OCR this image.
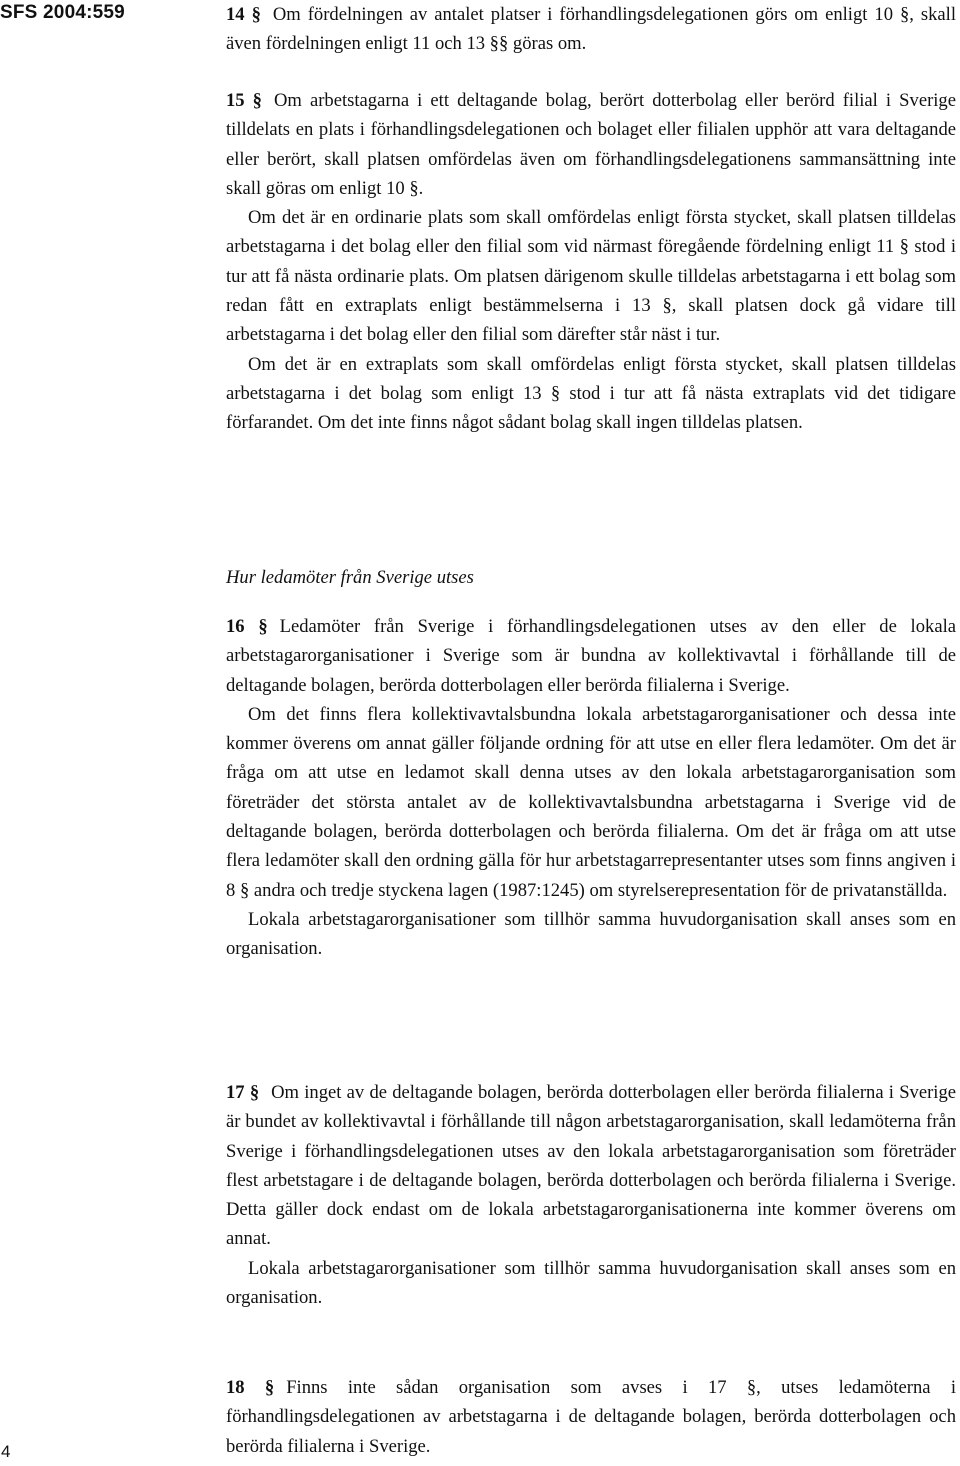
SFS 2004:559	14 § Om fördelningen av antalet platser i förhandlingsdelegationen görs om enligt 10 §, skall även fördelningen enligt 11 och 13 §§ göras om.

15 § Om arbetstagarna i ett deltagande bolag, berört dotterbolag eller berörd filial i Sverige tilldelats en plats i förhandlingsdelegationen och bolaget eller filialen upphör att vara deltagande eller berört, skall platsen omfördelas även om förhandlingsdelegationens sammansättning inte skall göras om enligt 10 §.

Om det är en ordinarie plats som skall omfördelas enligt första stycket, skall platsen tilldelas arbetstagarna i det bolag eller den filial som vid närmast föregående fördelning enligt 11 § stod i tur att få nästa ordinarie plats. Om platsen därigenom skulle tilldelas arbetstagarna i ett bolag som redan fått en extraplats enligt bestämmelserna i 13 §, skall platsen dock gå vidare till arbetstagarna i det bolag eller den filial som därefter står näst i tur.

Om det är en extraplats som skall omfördelas enligt första stycket, skall platsen tilldelas arbetstagarna i det bolag som enligt 13 § stod i tur att få nästa extraplats vid det tidigare förfarandet. Om det inte finns något sådant bolag skall ingen tilldelas platsen.

Hur ledamöter från Sverige utses

16 § Ledamöter från Sverige i förhandlingsdelegationen utses av den eller de lokala arbetstagarorganisationer i Sverige som är bundna av kollektivavtal i förhållande till de deltagande bolagen, berörda dotterbolagen eller berörda filialerna i Sverige.

Om det finns flera kollektivavtalsbundna lokala arbetstagarorganisationer och dessa inte kommer överens om annat gäller följande ordning för att utse en eller flera ledamöter. Om det är fråga om att utse en ledamot skall denna utses av den lokala arbetstagarorganisation som företräder det största antalet av de kollektivavtalsbundna arbetstagarna i Sverige vid de deltagande bolagen, berörda dotterbolagen och berörda filialerna. Om det är fråga om att utse flera ledamöter skall den ordning gälla för hur arbetstagarrepresentanter utses som finns angiven i 8 § andra och tredje styckena lagen (1987:1245) om styrelserepresentation för de privatanställda.

Lokala arbetstagarorganisationer som tillhör samma huvudorganisation skall anses som en organisation.

17 § Om inget av de deltagande bolagen, berörda dotterbolagen eller berörda filialerna i Sverige är bundet av kollektivavtal i förhållande till någon arbetstagarorganisation, skall ledamöterna från Sverige i förhandlingsdelegationen utses av den lokala arbetstagarorganisation som företräder flest arbetstagare i de deltagande bolagen, berörda dotterbolagen och berörda filialerna i Sverige. Detta gäller dock endast om de lokala arbetstagarorganisationerna inte kommer överens om annat.

Lokala arbetstagarorganisationer som tillhör samma huvudorganisation skall anses som en organisation.

18 § Finns inte sådan organisation som avses i 17 §, utses ledamöterna i förhandlingsdelegationen av arbetstagarna i de deltagande bolagen, berörda dotterbolagen och berörda filialerna i Sverige.

4
